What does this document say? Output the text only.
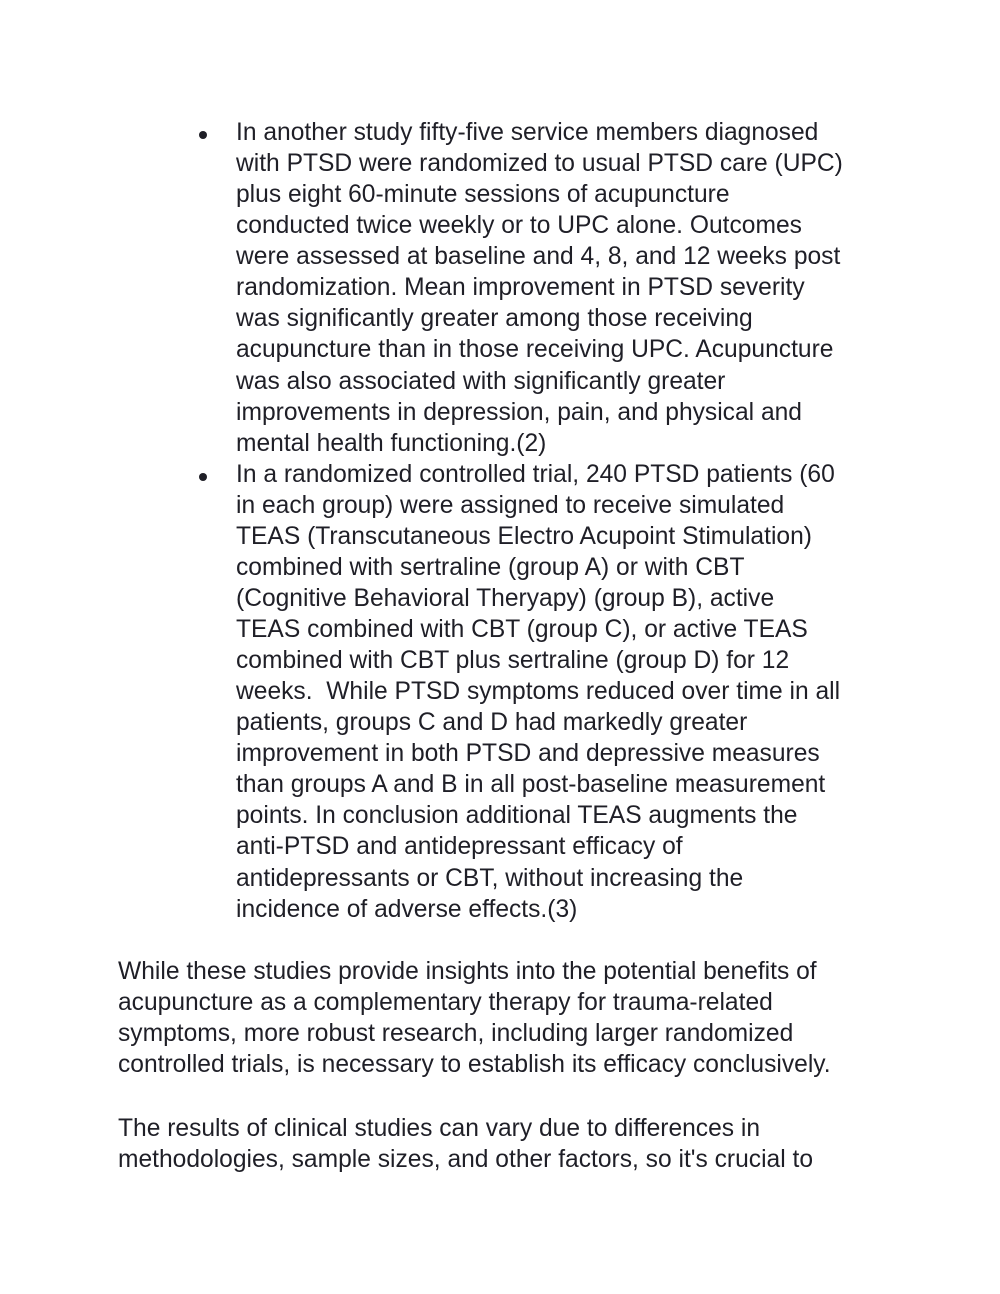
In another study fifty-five service members diagnosed
with PTSD were randomized to usual PTSD care (UPC)
plus eight 60-minute sessions of acupuncture
conducted twice weekly or to UPC alone. Outcomes
were assessed at baseline and 4, 8, and 12 weeks post
randomization. Mean improvement in PTSD severity
was significantly greater among those receiving
acupuncture than in those receiving UPC. Acupuncture
was also associated with significantly greater
improvements in depression, pain, and physical and
mental health functioning.(2)
In a randomized controlled trial, 240 PTSD patients (60
in each group) were assigned to receive simulated
TEAS (Transcutaneous Electro Acupoint Stimulation)
combined with sertraline (group A) or with CBT
(Cognitive Behavioral Theryapy) (group B), active
TEAS combined with CBT (group C), or active TEAS
combined with CBT plus sertraline (group D) for 12
weeks.  While PTSD symptoms reduced over time in all
patients, groups C and D had markedly greater
improvement in both PTSD and depressive measures
than groups A and B in all post-baseline measurement
points. In conclusion additional TEAS augments the
anti-PTSD and antidepressant efficacy of
antidepressants or CBT, without increasing the
incidence of adverse effects.(3)

While these studies provide insights into the potential benefits of
acupuncture as a complementary therapy for trauma-related
symptoms, more robust research, including larger randomized
controlled trials, is necessary to establish its efficacy conclusively.

The results of clinical studies can vary due to differences in
methodologies, sample sizes, and other factors, so it's crucial to
